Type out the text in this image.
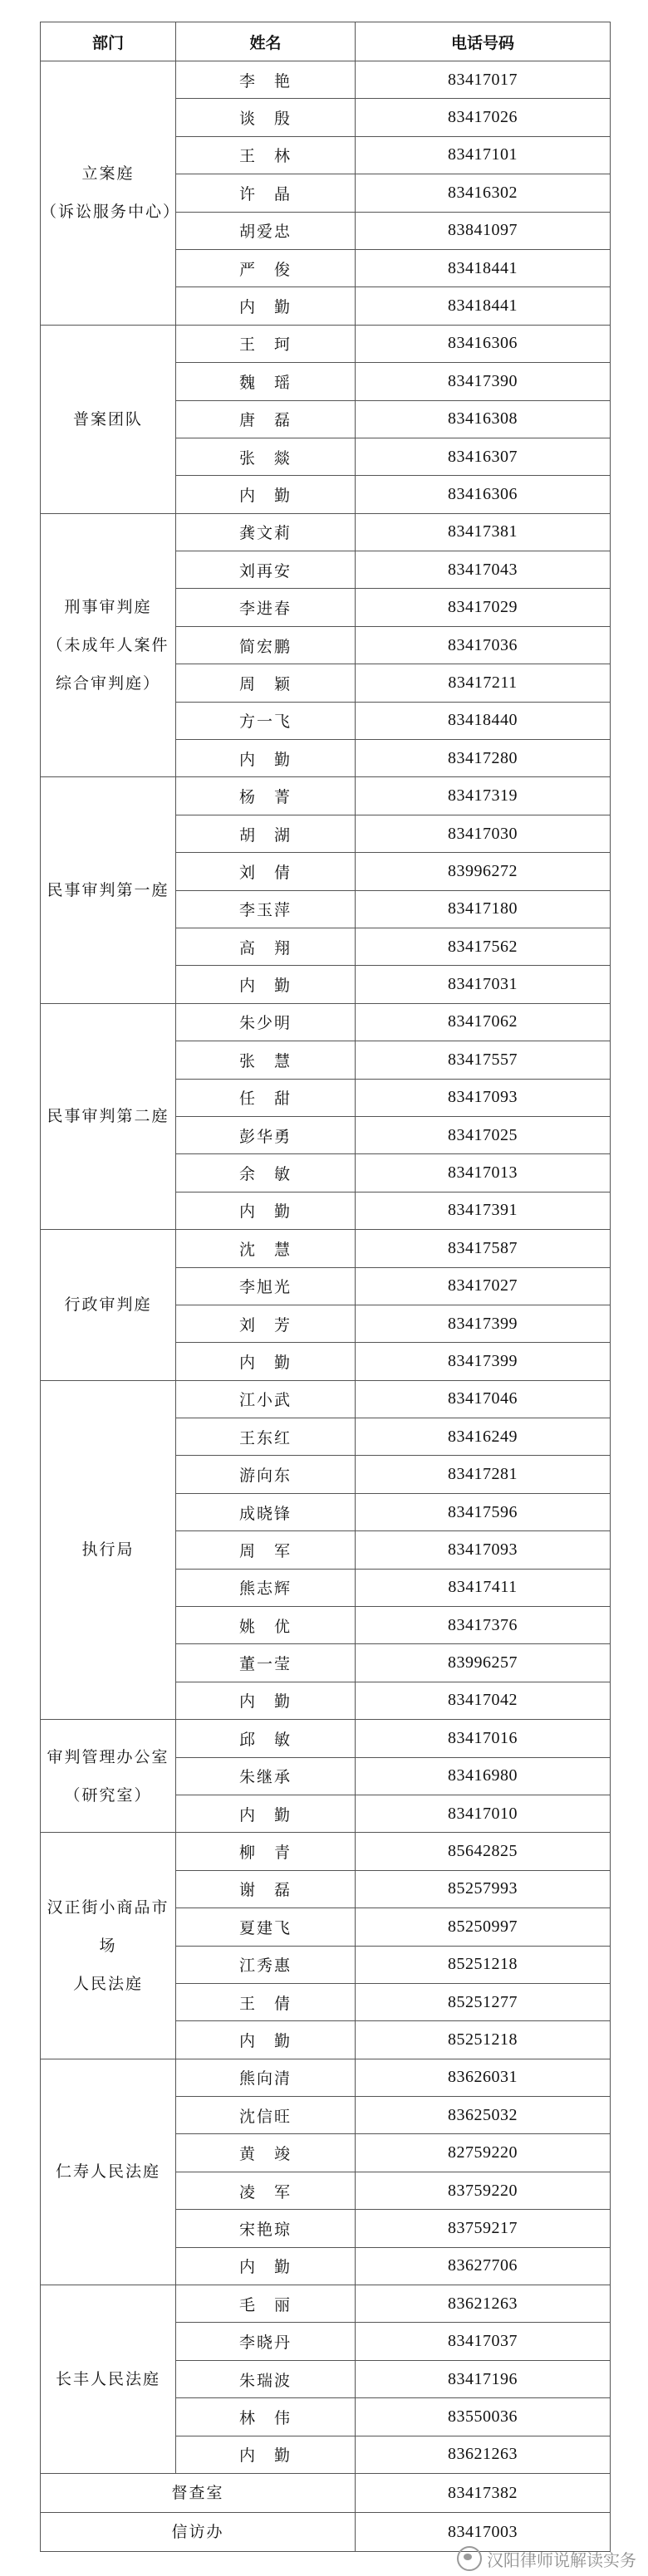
部门	姓名	电话号码

立案庭
（诉讼服务中心）	李　艳	83417017
	谈　殷	83417026
	王　林	83417101
	许　晶	83416302
	胡爱忠	83841097
	严　俊	83418441
	内　勤	83418441

普案团队	王　珂	83416306
	魏　瑶	83417390
	唐　磊	83416308
	张　燚	83416307
	内　勤	83416306

刑事审判庭
（未成年人案件
综合审判庭）	龚文莉	83417381
	刘再安	83417043
	李进春	83417029
	简宏鹏	83417036
	周　颖	83417211
	方一飞	83418440
	内　勤	83417280

民事审判第一庭	杨　菁	83417319
	胡　湖	83417030
	刘　倩	83996272
	李玉萍	83417180
	高　翔	83417562
	内　勤	83417031

民事审判第二庭	朱少明	83417062
	张　慧	83417557
	任　甜	83417093
	彭华勇	83417025
	余　敏	83417013
	内　勤	83417391

行政审判庭	沈　慧	83417587
	李旭光	83417027
	刘　芳	83417399
	内　勤	83417399

执行局	江小武	83417046
	王东红	83416249
	游向东	83417281
	成晓锋	83417596
	周　军	83417093
	熊志辉	83417411
	姚　优	83417376
	董一莹	83996257
	内　勤	83417042

审判管理办公室
（研究室）	邱　敏	83417016
	朱继承	83416980
	内　勤	83417010

汉正街小商品市场
人民法庭	柳　青	85642825
	谢　磊	85257993
	夏建飞	85250997
	江秀惠	85251218
	王　倩	85251277
	内　勤	85251218

仁寿人民法庭	熊向清	83626031
	沈信旺	83625032
	黄　竣	82759220
	凌　军	83759220
	宋艳琼	83759217
	内　勤	83627706

长丰人民法庭	毛　丽	83621263
	李晓丹	83417037
	朱瑞波	83417196
	林　伟	83550036
	内　勤	83621263
督查室		83417382
信访办		83417003
汉阳律师说解读实务
